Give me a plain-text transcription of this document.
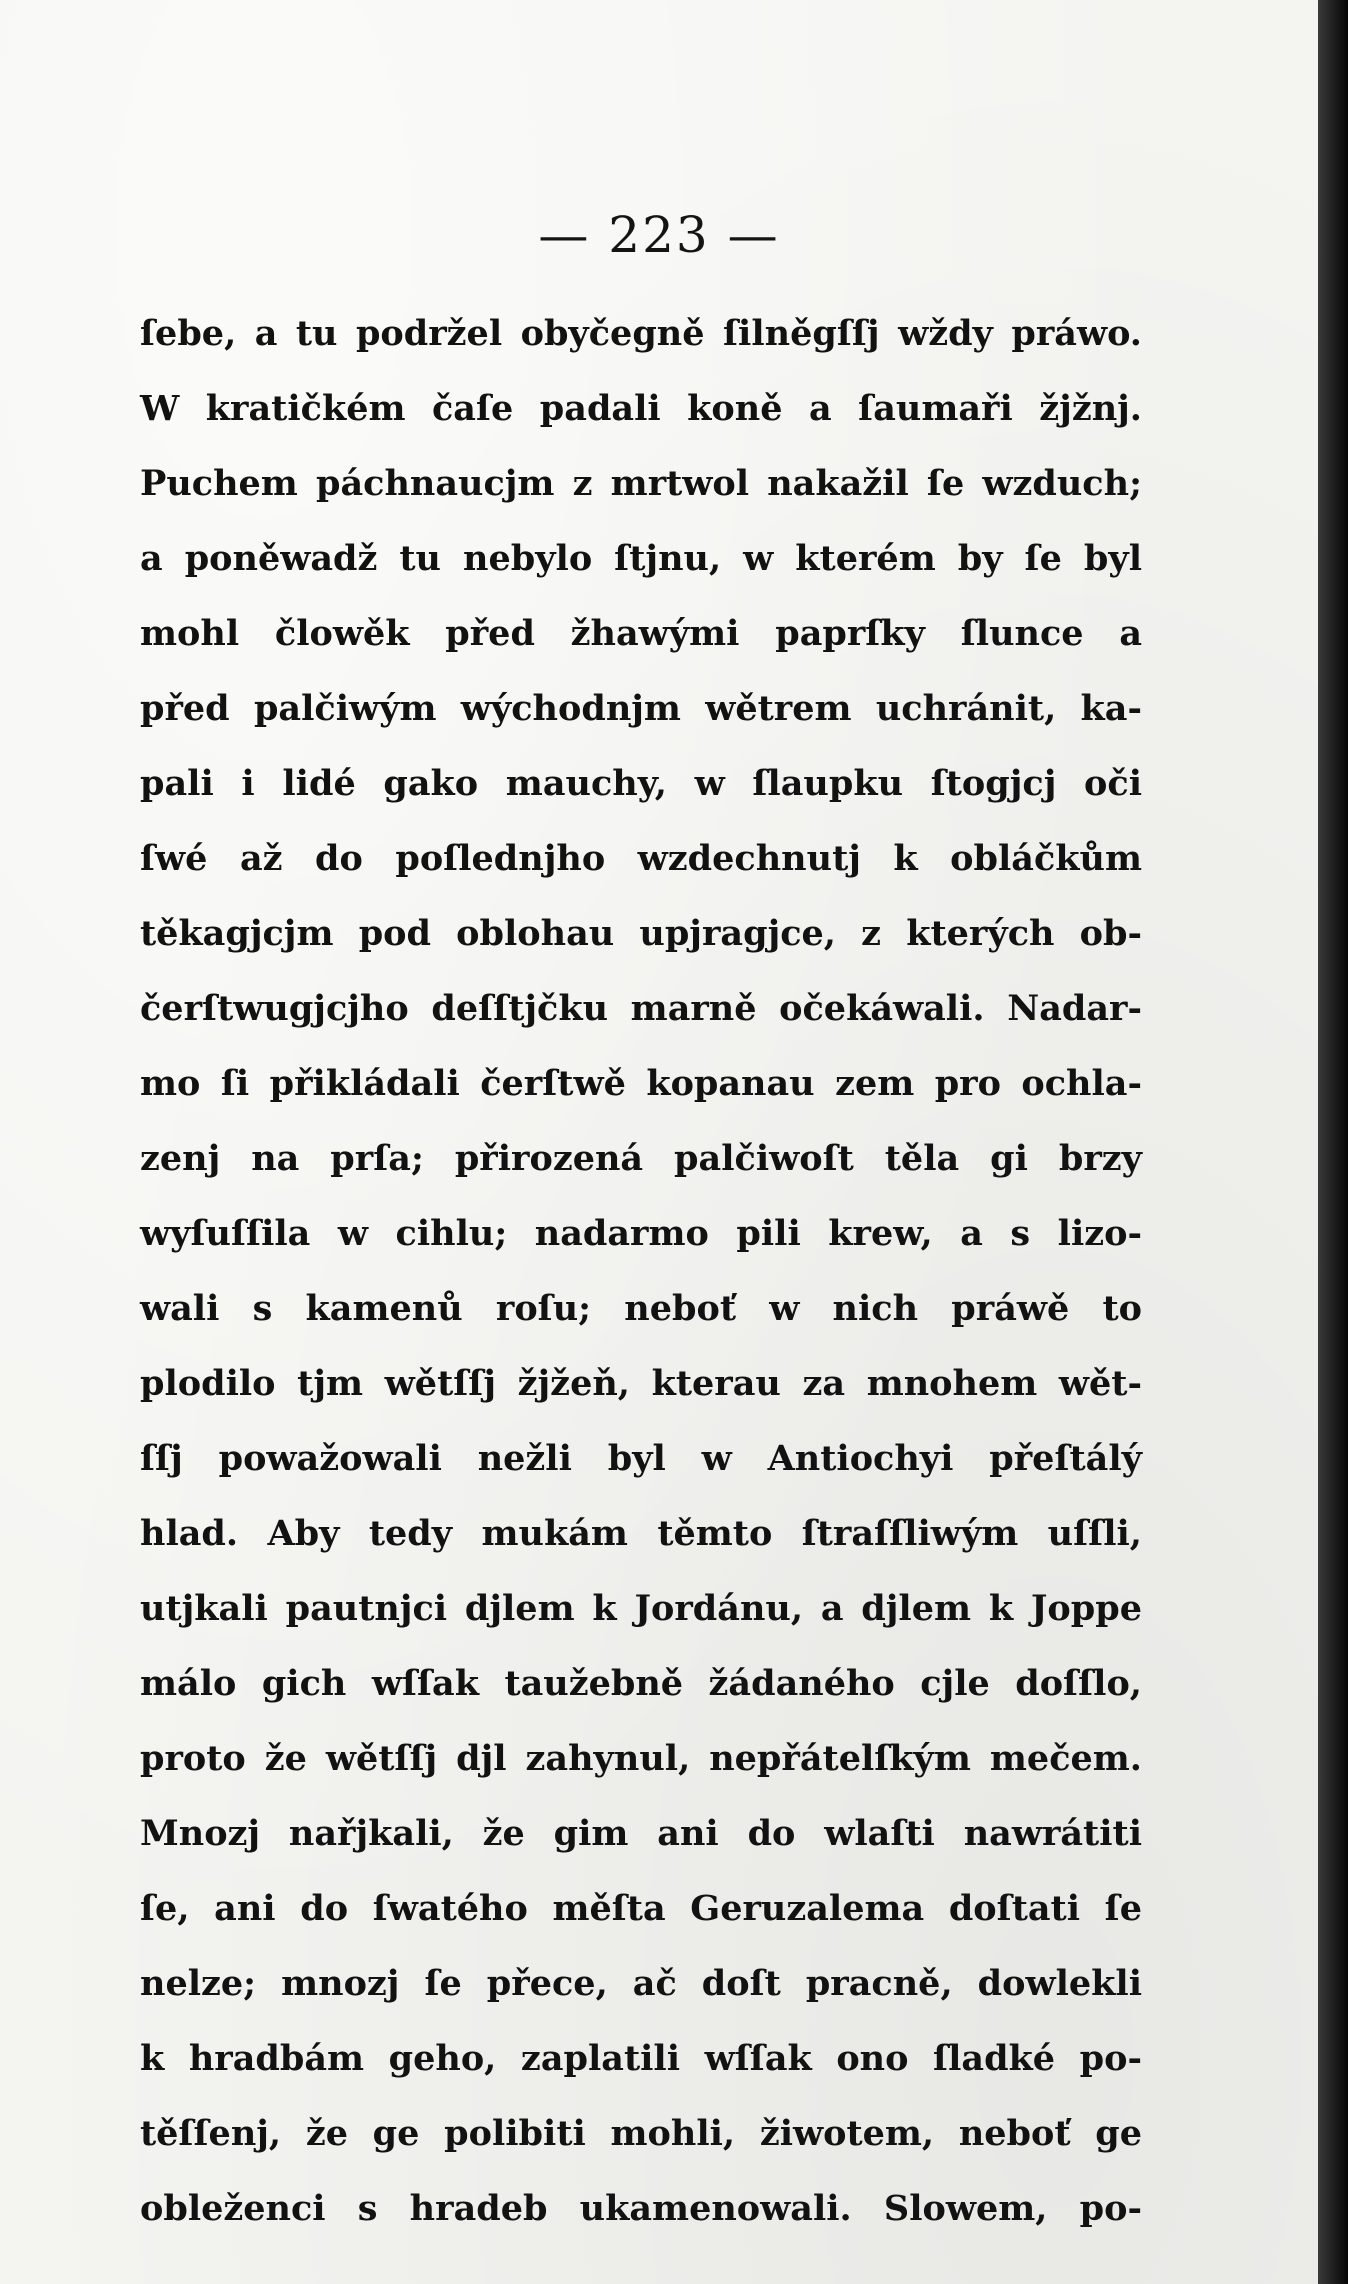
— 223 —
ſebe, a tu podržel obyčegně ſilněgſſj wždy práwo.
W kratičkém čaſe padali koně a ſaumaři žjžnj.
Puchem páchnaucjm z mrtwol nakažil ſe wzduch;
a poněwadž tu nebylo ſtjnu, w kterém by ſe byl
mohl člowěk před žhawými paprſky ſlunce a
před palčiwým wýchodnjm wětrem uchránit, ka-
pali i lidé gako mauchy, w ſlaupku ſtogjcj oči
ſwé až do poſlednjho wzdechnutj k obláčkům
těkagjcjm pod oblohau upjragjce, z kterých ob-
čerſtwugjcjho deſſtjčku marně očekáwali. Nadar-
mo ſi přikládali čerſtwě kopanau zem pro ochla-
zenj na prſa; přirozená palčiwoſt těla gi brzy
wyſuſſila w cihlu; nadarmo pili krew, a s lizo-
wali s kamenů roſu; neboť w nich práwě to
plodilo tjm wětſſj žjžeň, kterau za mnohem wět-
ſſj powažowali nežli byl w Antiochyi přeſtálý
hlad. Aby tedy mukám těmto ſtraſſliwým uſſli,
utjkali pautnjci djlem k Jordánu, a djlem k Joppe
málo gich wſſak taužebně žádaného cjle doſſlo,
proto že wětſſj djl zahynul, nepřátelſkým mečem.
Mnozj nařjkali, že gim ani do wlaſti nawrátiti
ſe, ani do ſwatého měſta Geruzalema doſtati ſe
nelze; mnozj ſe přece, ač doſt pracně, dowlekli
k hradbám geho, zaplatili wſſak ono ſladké po-
těſſenj, že ge polibiti mohli, žiwotem, neboť ge
obleženci s hradeb ukamenowali. Slowem, po-
